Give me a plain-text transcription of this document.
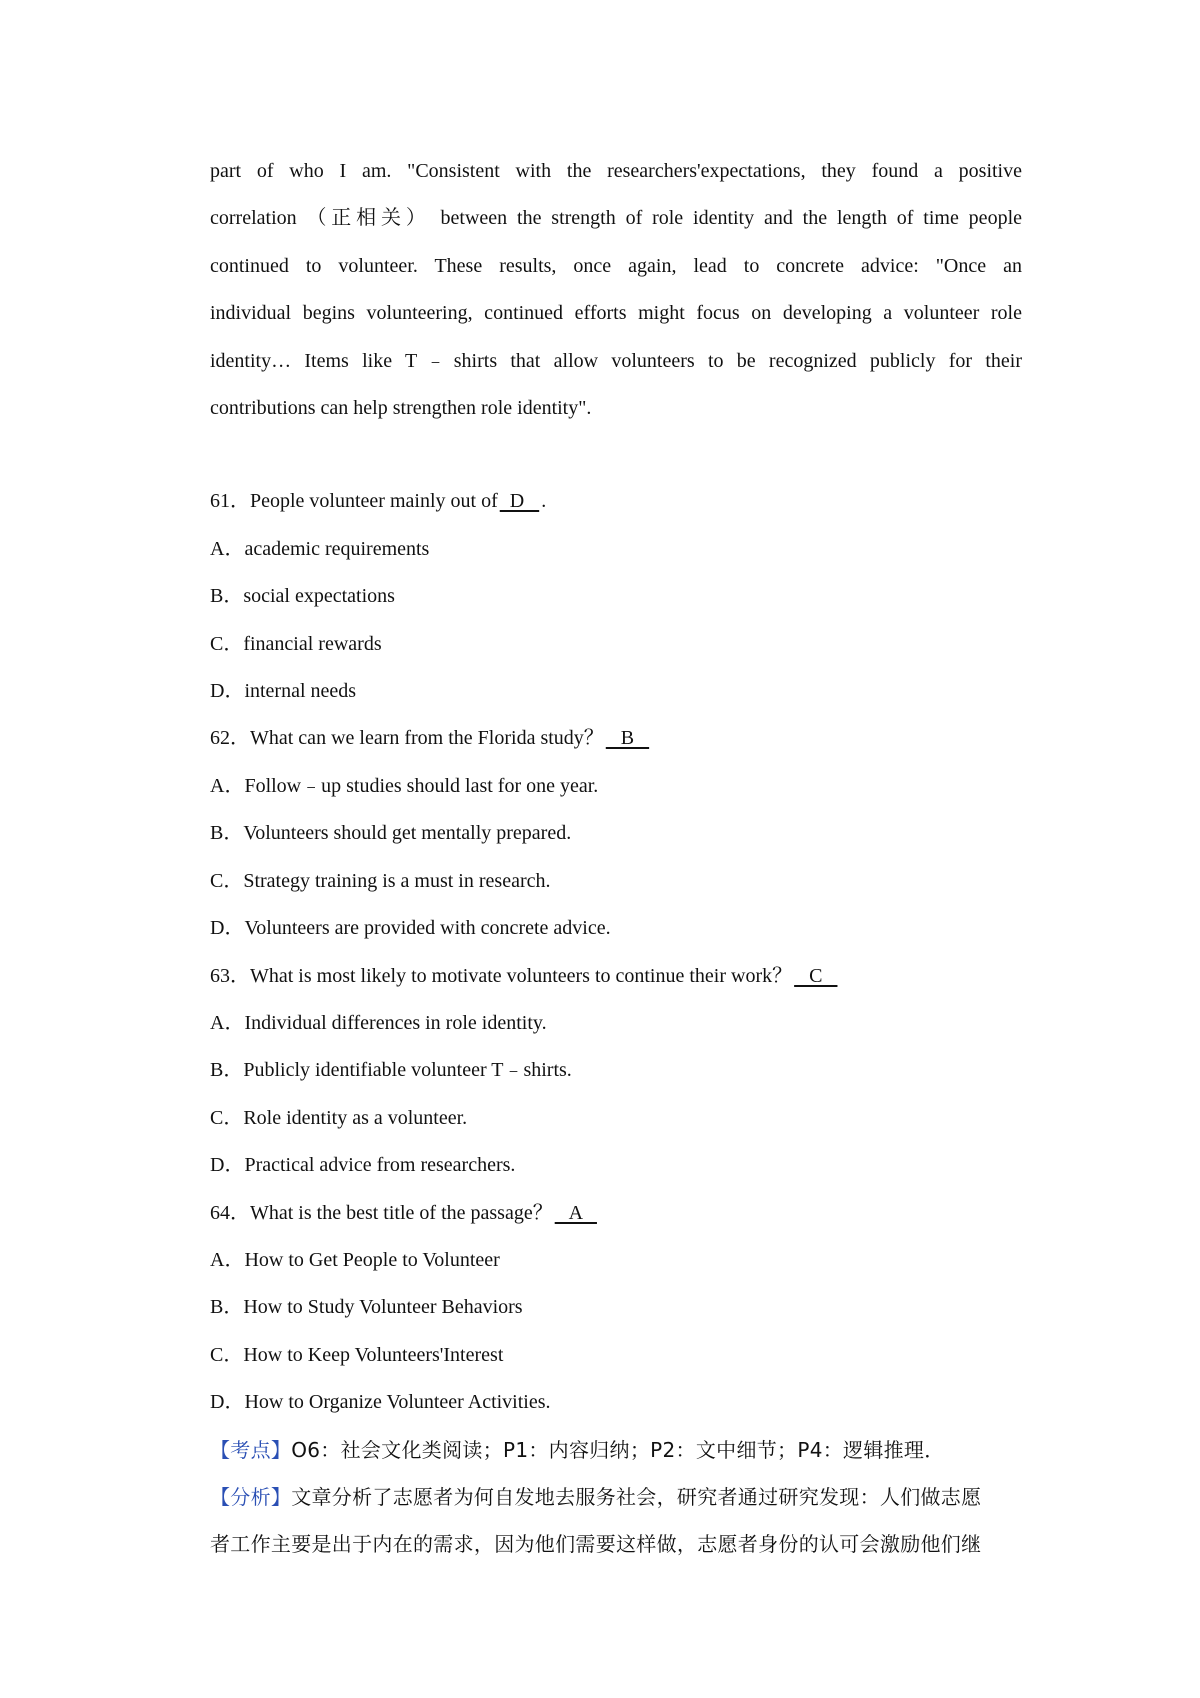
part of who I am. "Consistent with the researchers'expectations, they found a positive
correlation （正相关） between the strength of role identity and the length of time people
continued to volunteer. These results, once again, lead to concrete advice: "Once an
individual begins volunteering, continued efforts might focus on developing a volunteer role
identity… Items like T﹣shirts that allow volunteers to be recognized publicly for their
contributions can help strengthen role identity".

61．People volunteer mainly out of  D   .

A．academic requirements

B．social expectations

C．financial rewards

D．internal needs

62．What can we learn from the Florida study？   B

A．Follow﹣up studies should last for one year.

B．Volunteers should get mentally prepared.

C．Strategy training is a must in research.

D．Volunteers are provided with concrete advice.

63．What is most likely to motivate volunteers to continue their work？   C

A．Individual differences in role identity.

B．Publicly identifiable volunteer T﹣shirts.

C．Role identity as a volunteer.

D．Practical advice from researchers.

64．What is the best title of the passage？   A

A．How to Get People to Volunteer

B．How to Study Volunteer Behaviors

C．How to Keep Volunteers'Interest

D．How to Organize Volunteer Activities.

【考点】O6：社会文化类阅读；P1：内容归纳；P2：文中细节；P4：逻辑推理．

【分析】文章分析了志愿者为何自发地去服务社会，研究者通过研究发现：人们做志愿

者工作主要是出于内在的需求，因为他们需要这样做，志愿者身份的认可会激励他们继
